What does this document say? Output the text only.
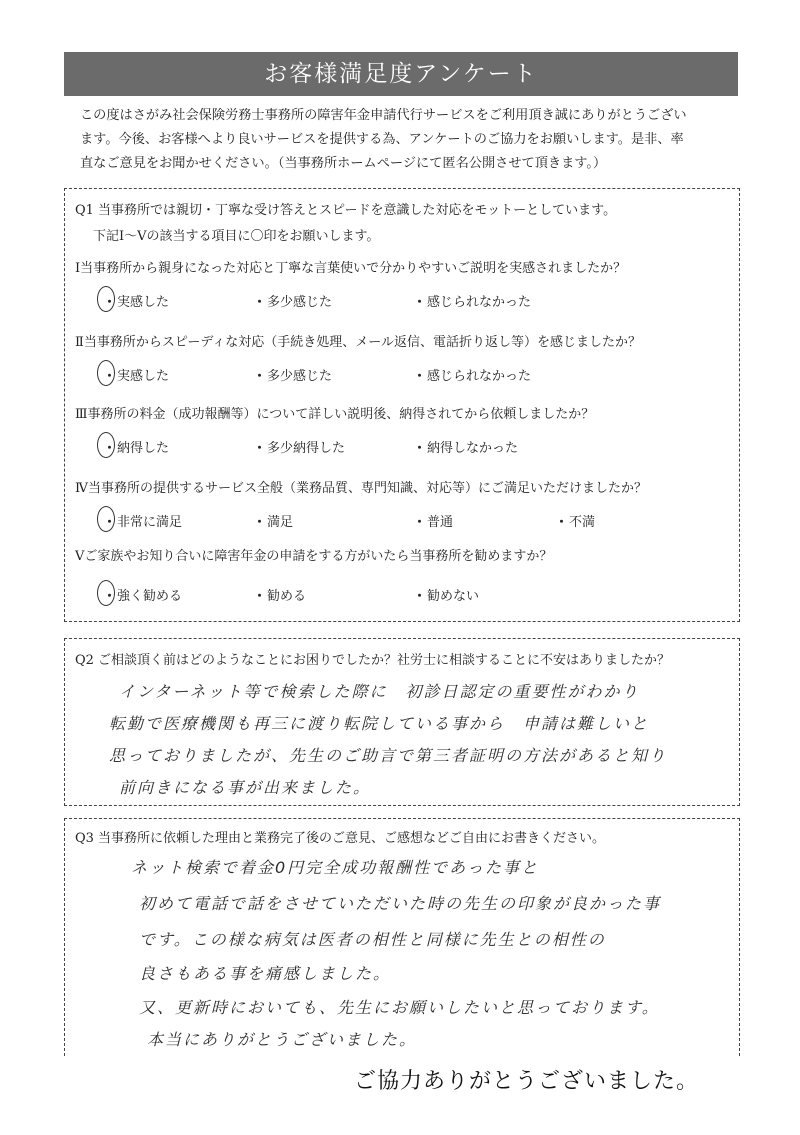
お客様満足度アンケート

この度はさがみ社会保険労務士事務所の障害年金申請代行サービスをご利用頂き誠にありがとうござい

ます。今後、お客様へより良いサービスを提供する為、アンケートのご協力をお願いします。是非、率

直なご意見をお聞かせください。（当事務所ホームページにて匿名公開させて頂きます。）

Q1 当事務所では親切・丁寧な受け答えとスピードを意識した対応をモットーとしています。
下記Ⅰ〜Ⅴの該当する項目に〇印をお願いします。
Ⅰ当事務所から親身になった対応と丁寧な言葉使いで分かりやすいご説明を実感されましたか？
・実感した	・多少感じた	・感じられなかった
Ⅱ当事務所からスピーディな対応（手続き処理、メール返信、電話折り返し等）を感じましたか？
・実感した	・多少感じた	・感じられなかった
Ⅲ事務所の料金（成功報酬等）について詳しい説明後、納得されてから依頼しましたか？
・納得した	・多少納得した	・納得しなかった
Ⅳ当事務所の提供するサービス全般（業務品質、専門知識、対応等）にご満足いただけましたか？
・非常に満足	・満足	・普通	・不満
Ⅴご家族やお知り合いに障害年金の申請をする方がいたら当事務所を勧めますか？
・強く勧める	・勧める	・勧めない
Q2 ご相談頂く前はどのようなことにお困りでしたか？社労士に相談することに不安はありましたか？
インターネット等で検索した際に　初診日認定の重要性がわかり
転勤で医療機関も再三に渡り転院している事から　申請は難しいと
思っておりましたが、先生のご助言で第三者証明の方法があると知り
前向きになる事が出来ました。
Q3 当事務所に依頼した理由と業務完了後のご意見、ご感想などご自由にお書きください。
ネット検索で着金0円完全成功報酬性であった事と
初めて電話で話をさせていただいた時の先生の印象が良かった事
です。この様な病気は医者の相性と同様に先生との相性の
良さもある事を痛感しました。
又、更新時においても、先生にお願いしたいと思っております。
本当にありがとうございました。
ご協力ありがとうございました。
